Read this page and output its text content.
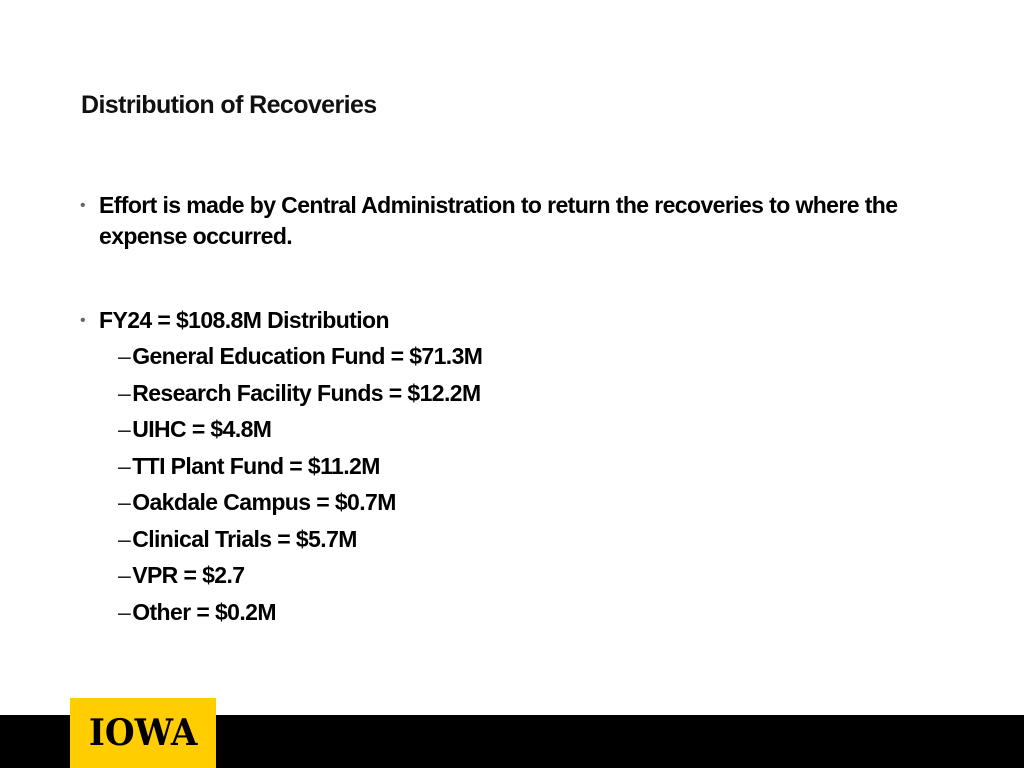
Distribution of Recoveries
• Effort is made by Central Administration to return the recoveries to where the expense occurred.
• FY24 = $108.8M Distribution
–General Education Fund = $71.3M
–Research Facility Funds = $12.2M
–UIHC = $4.8M
–TTI Plant Fund = $11.2M
–Oakdale Campus = $0.7M
–Clinical Trials = $5.7M
–VPR = $2.7
–Other = $0.2M
IOWA
